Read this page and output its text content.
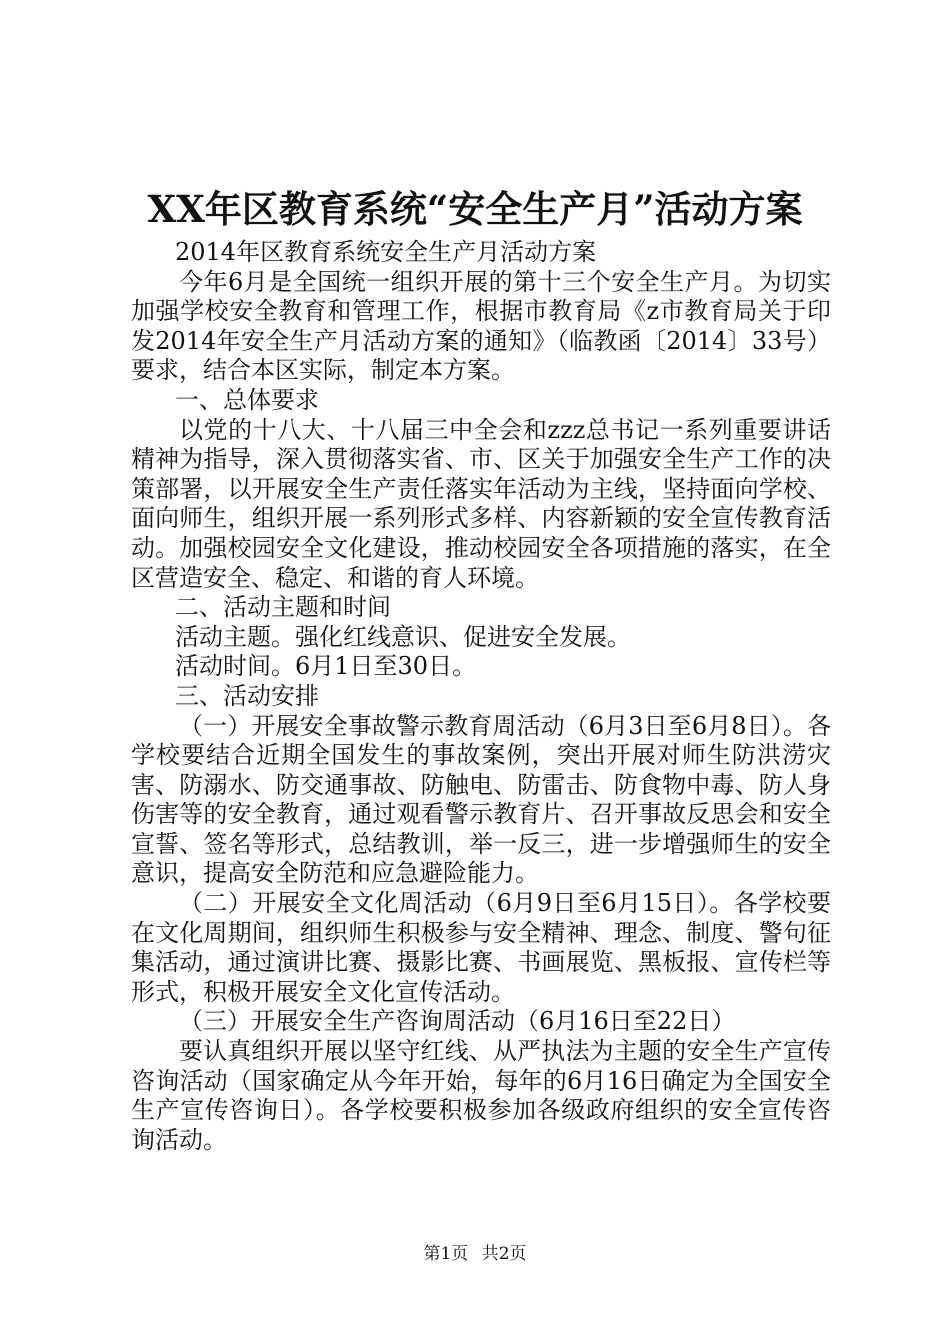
XX年区教育系统“安全生产月”活动方案

2014年区教育系统安全生产月活动方案

今年6月是全国统一组织开展的第十三个安全生产月。为切实加强学校安全教育和管理工作，根据市教育局《z市教育局关于印发2014年安全生产月活动方案的通知》（临教函〔2014〕33号）要求，结合本区实际，制定本方案。

一、总体要求

以党的十八大、十八届三中全会和zzz总书记一系列重要讲话精神为指导，深入贯彻落实省、市、区关于加强安全生产工作的决策部署，以开展安全生产责任落实年活动为主线，坚持面向学校、面向师生，组织开展一系列形式多样、内容新颖的安全宣传教育活动。加强校园安全文化建设，推动校园安全各项措施的落实，在全区营造安全、稳定、和谐的育人环境。

二、活动主题和时间

活动主题。强化红线意识、促进安全发展。

活动时间。6月1日至30日。

三、活动安排

（一）开展安全事故警示教育周活动（6月3日至6月8日）。各学校要结合近期全国发生的事故案例，突出开展对师生防洪涝灾害、防溺水、防交通事故、防触电、防雷击、防食物中毒、防人身伤害等的安全教育，通过观看警示教育片、召开事故反思会和安全宣誓、签名等形式，总结教训，举一反三，进一步增强师生的安全意识，提高安全防范和应急避险能力。

（二）开展安全文化周活动（6月9日至6月15日）。各学校要在文化周期间，组织师生积极参与安全精神、理念、制度、警句征集活动，通过演讲比赛、摄影比赛、书画展览、黑板报、宣传栏等形式，积极开展安全文化宣传活动。

（三）开展安全生产咨询周活动（6月16日至22日）

要认真组织开展以坚守红线、从严执法为主题的安全生产宣传咨询活动（国家确定从今年开始，每年的6月16日确定为全国安全生产宣传咨询日）。各学校要积极参加各级政府组织的安全宣传咨询活动。

第1页 共2页
